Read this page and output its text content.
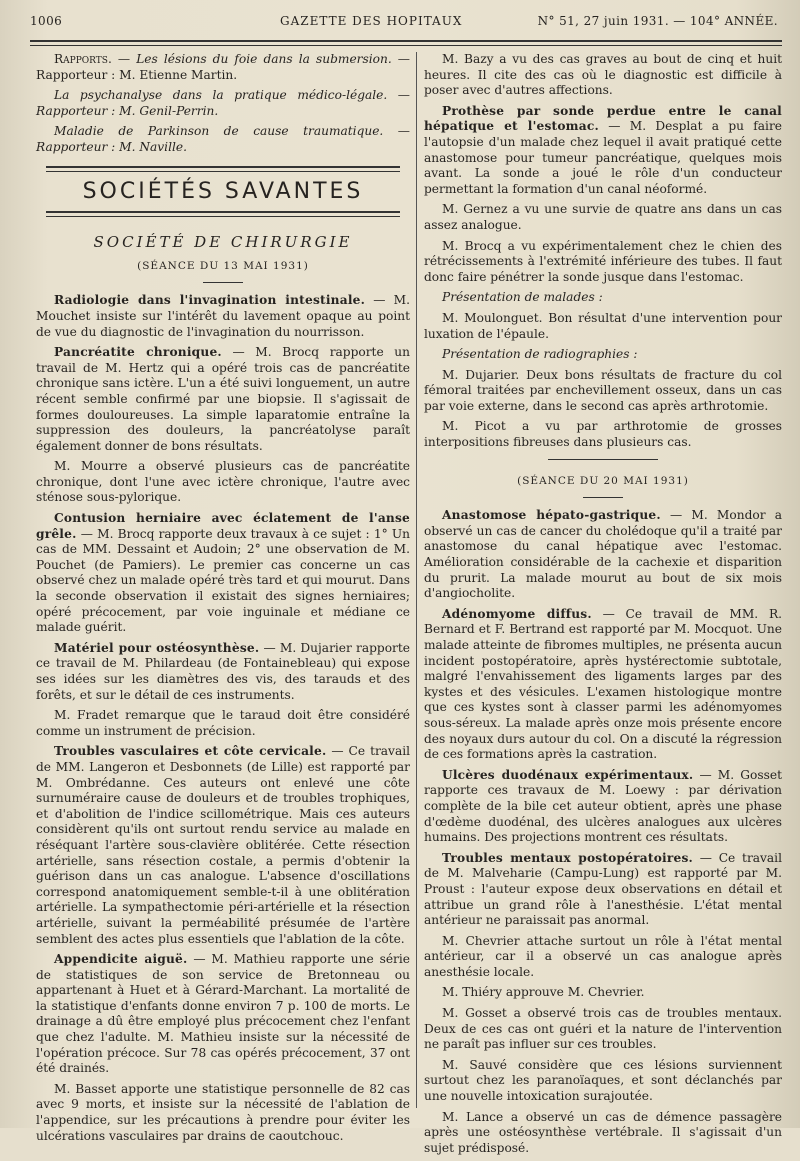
1006	GAZETTE DES HOPITAUX	N° 51, 27 juin 1931. — 104° ANNÉE.

Rapports. — Les lésions du foie dans la submersion. — Rapporteur : M. Etienne Martin.

La psychanalyse dans la pratique médico-légale. — Rapporteur : M. Genil-Perrin.

Maladie de Parkinson de cause traumatique. — Rapporteur : M. Naville.

SOCIÉTÉS SAVANTES
SOCIÉTÉ DE CHIRURGIE
(SÉANCE DU 13 MAI 1931)

Radiologie dans l'invagination intestinale. — M. Mouchet insiste sur l'intérêt du lavement opaque au point de vue du diagnostic de l'invagination du nourrisson.

Pancréatite chronique. — M. Brocq rapporte un travail de M. Hertz qui a opéré trois cas de pancréatite chronique sans ictère. L'un a été suivi longuement, un autre récent semble confirmé par une biopsie. Il s'agissait de formes douloureuses. La simple laparatomie entraîne la suppression des douleurs, la pancréatolyse paraît également donner de bons résultats.

M. Mourre a observé plusieurs cas de pancréatite chronique, dont l'une avec ictère chronique, l'autre avec sténose sous-pylorique.

Contusion herniaire avec éclatement de l'anse grêle. — M. Brocq rapporte deux travaux à ce sujet : 1° Un cas de MM. Dessaint et Audoin; 2° une observation de M. Pouchet (de Pamiers). Le premier cas concerne un cas observé chez un malade opéré très tard et qui mourut. Dans la seconde observation il existait des signes herniaires; opéré précocement, par voie inguinale et médiane ce malade guérit.

Matériel pour ostéosynthèse. — M. Dujarier rapporte ce travail de M. Philardeau (de Fontainebleau) qui expose ses idées sur les diamètres des vis, des tarauds et des forêts, et sur le détail de ces instruments.

M. Fradet remarque que le taraud doit être considéré comme un instrument de précision.

Troubles vasculaires et côte cervicale. — Ce travail de MM. Langeron et Desbonnets (de Lille) est rapporté par M. Ombrédanne. Ces auteurs ont enlevé une côte surnuméraire cause de douleurs et de troubles trophiques, et d'abolition de l'indice scillométrique. Mais ces auteurs considèrent qu'ils ont surtout rendu service au malade en réséquant l'artère sous-clavière oblitérée. Cette résection artérielle, sans résection costale, a permis d'obtenir la guérison dans un cas analogue. L'absence d'oscillations correspond anatomiquement semble-t-il à une oblitération artérielle. La sympathectomie péri-artérielle et la résection artérielle, suivant la perméabilité présumée de l'artère semblent des actes plus essentiels que l'ablation de la côte.

Appendicite aiguë. — M. Mathieu rapporte une série de statistiques de son service de Bretonneau ou appartenant à Huet et à Gérard-Marchant. La mortalité de la statistique d'enfants donne environ 7 p. 100 de morts. Le drainage a dû être employé plus précocement chez l'enfant que chez l'adulte. M. Mathieu insiste sur la nécessité de l'opération précoce. Sur 78 cas opérés précocement, 37 ont été drainés.

M. Basset apporte une statistique personnelle de 82 cas avec 9 morts, et insiste sur la nécessité de l'ablation de l'appendice, sur les précautions à prendre pour éviter les ulcérations vasculaires par drains de caoutchouc.

M. Bazy a vu des cas graves au bout de cinq et huit heures. Il cite des cas où le diagnostic est difficile à poser avec d'autres affections.

Prothèse par sonde perdue entre le canal hépatique et l'estomac. — M. Desplat a pu faire l'autopsie d'un malade chez lequel il avait pratiqué cette anastomose pour tumeur pancréatique, quelques mois avant. La sonde a joué le rôle d'un conducteur permettant la formation d'un canal néoformé.

M. Gernez a vu une survie de quatre ans dans un cas assez analogue.

M. Brocq a vu expérimentalement chez le chien des rétrécissements à l'extrémité inférieure des tubes. Il faut donc faire pénétrer la sonde jusque dans l'estomac.

Présentation de malades :

M. Moulonguet. Bon résultat d'une intervention pour luxation de l'épaule.

Présentation de radiographies :

M. Dujarier. Deux bons résultats de fracture du col fémoral traitées par enchevillement osseux, dans un cas par voie externe, dans le second cas après arthrotomie.

M. Picot a vu par arthrotomie de grosses interpositions fibreuses dans plusieurs cas.

(SÉANCE DU 20 MAI 1931)

Anastomose hépato-gastrique. — M. Mondor a observé un cas de cancer du cholédoque qu'il a traité par anastomose du canal hépatique avec l'estomac. Amélioration considérable de la cachexie et disparition du prurit. La malade mourut au bout de six mois d'angiocholite.

Adénomyome diffus. — Ce travail de MM. R. Bernard et F. Bertrand est rapporté par M. Mocquot. Une malade atteinte de fibromes multiples, ne présenta aucun incident postopératoire, après hystérectomie subtotale, malgré l'envahissement des ligaments larges par des kystes et des vésicules. L'examen histologique montre que ces kystes sont à classer parmi les adénomyomes sous-séreux. La malade après onze mois présente encore des noyaux durs autour du col. On a discuté la régression de ces formations après la castration.

Ulcères duodénaux expérimentaux. — M. Gosset rapporte ces travaux de M. Loewy : par dérivation complète de la bile cet auteur obtient, après une phase d'œdème duodénal, des ulcères analogues aux ulcères humains. Des projections montrent ces résultats.

Troubles mentaux postopératoires. — Ce travail de M. Malveharie (Campu-Lung) est rapporté par M. Proust : l'auteur expose deux observations en détail et attribue un grand rôle à l'anesthésie. L'état mental antérieur ne paraissait pas anormal.

M. Chevrier attache surtout un rôle à l'état mental antérieur, car il a observé un cas analogue après anesthésie locale.

M. Thiéry approuve M. Chevrier.

M. Gosset a observé trois cas de troubles mentaux. Deux de ces cas ont guéri et la nature de l'intervention ne paraît pas influer sur ces troubles.

M. Sauvé considère que ces lésions surviennent surtout chez les paranoïaques, et sont déclanchés par une nouvelle intoxication surajoutée.

M. Lance a observé un cas de démence passagère après une ostéosynthèse vertébrale. Il s'agissait d'un sujet prédisposé.
